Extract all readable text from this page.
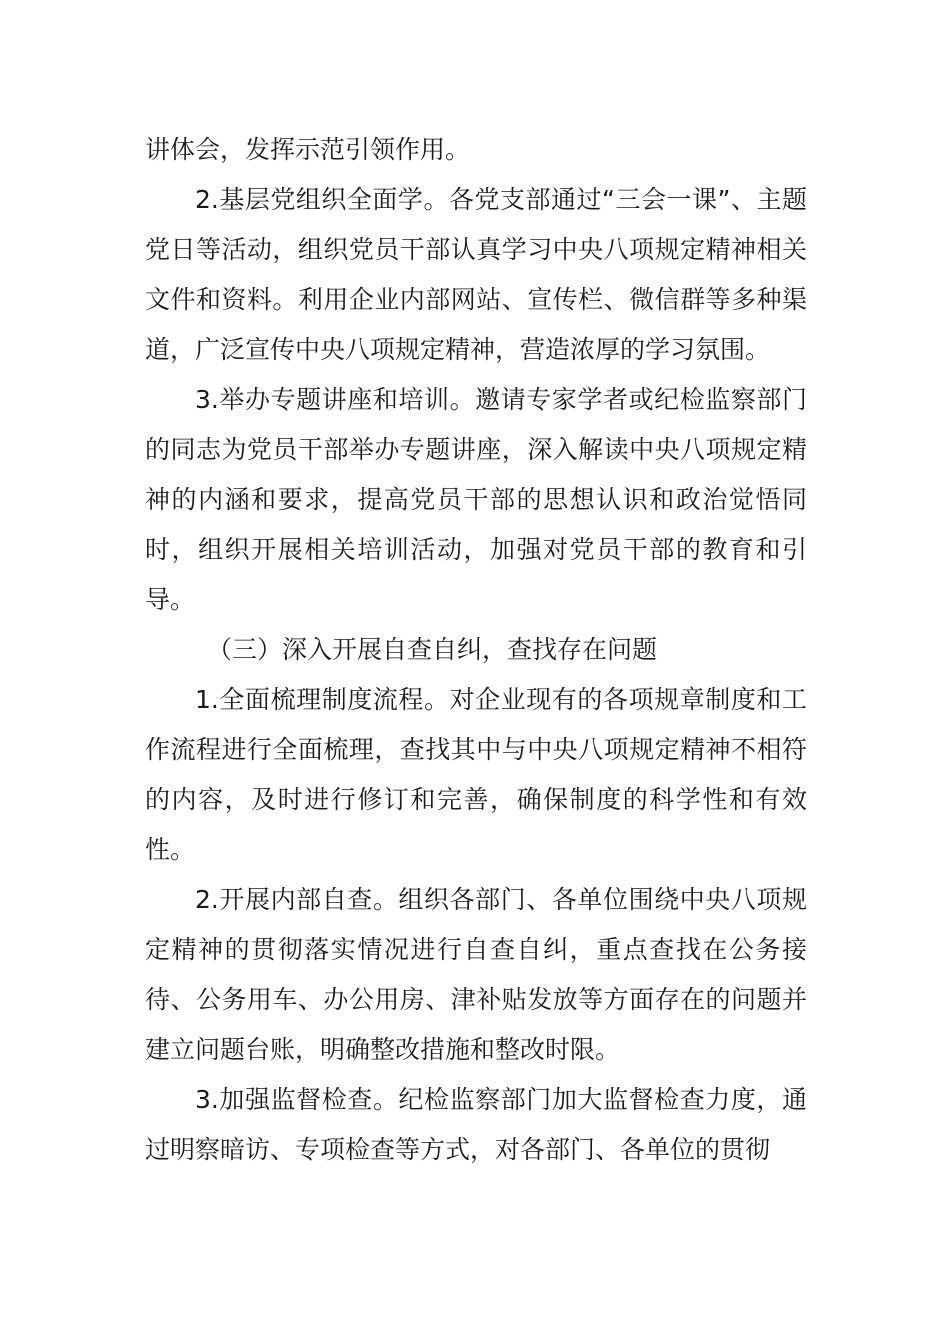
讲体会，发挥示范引领作用。

2.基层党组织全面学。各党支部通过“三会一课”、主题党日等活动，组织党员干部认真学习中央八项规定精神相关文件和资料。利用企业内部网站、宣传栏、微信群等多种渠道，广泛宣传中央八项规定精神，营造浓厚的学习氛围。

3.举办专题讲座和培训。邀请专家学者或纪检监察部门的同志为党员干部举办专题讲座，深入解读中央八项规定精神的内涵和要求，提高党员干部的思想认识和政治觉悟同时，组织开展相关培训活动，加强对党员干部的教育和引导。

（三）深入开展自查自纠，查找存在问题

1.全面梳理制度流程。对企业现有的各项规章制度和工作流程进行全面梳理，查找其中与中央八项规定精神不相符的内容，及时进行修订和完善，确保制度的科学性和有效性。

2.开展内部自查。组织各部门、各单位围绕中央八项规定精神的贯彻落实情况进行自查自纠，重点查找在公务接待、公务用车、办公用房、津补贴发放等方面存在的问题并建立问题台账，明确整改措施和整改时限。

3.加强监督检查。纪检监察部门加大监督检查力度，通过明察暗访、专项检查等方式，对各部门、各单位的贯彻
